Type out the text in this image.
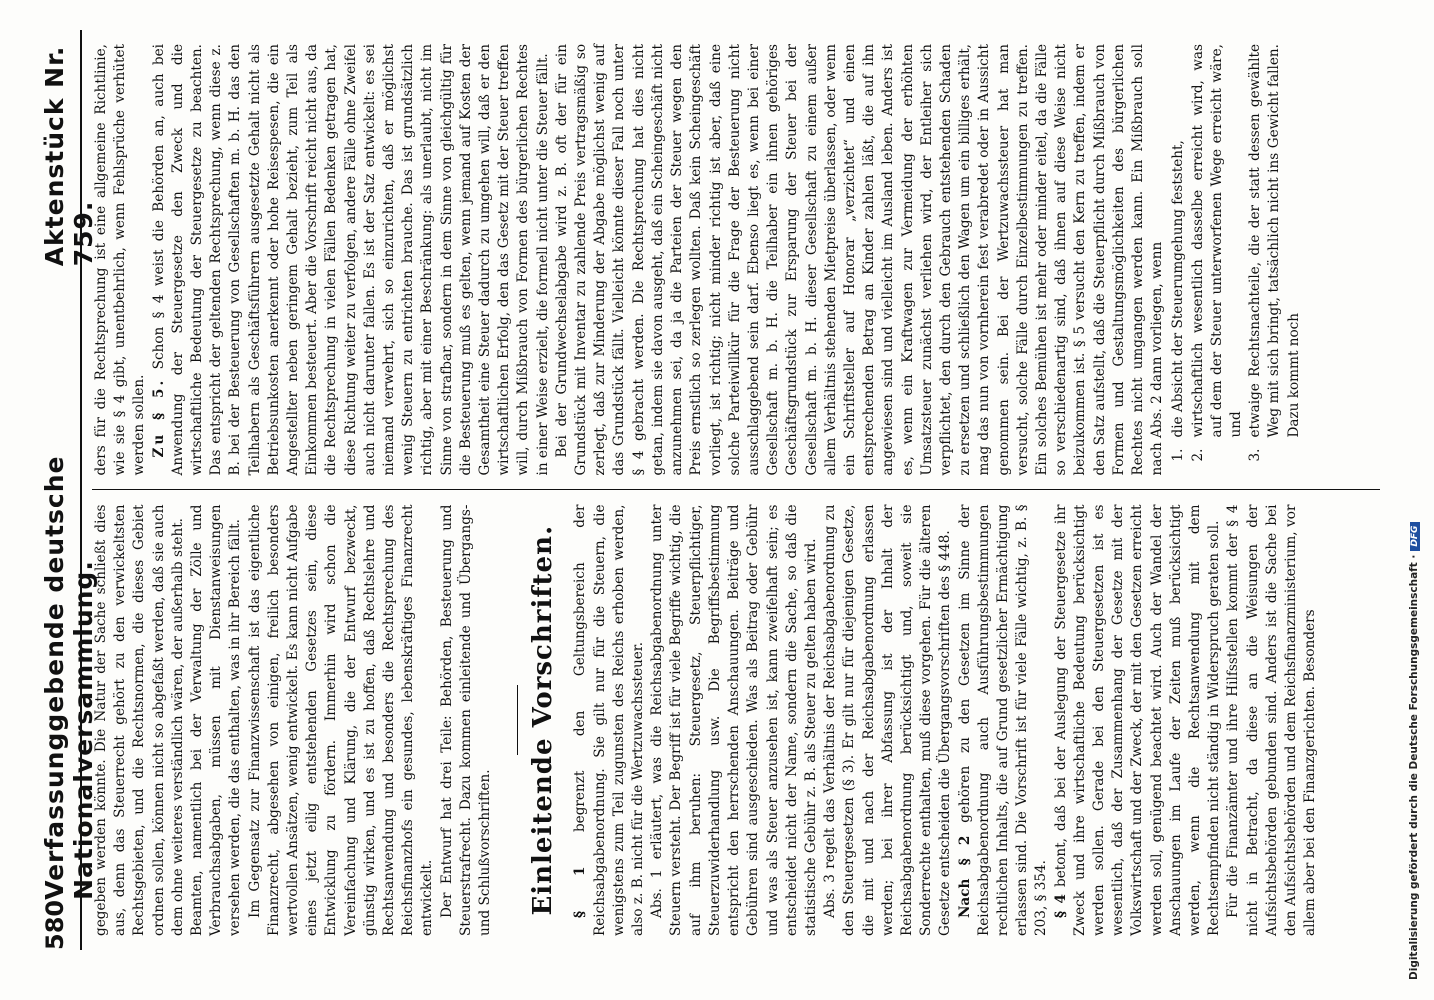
580
Verfassunggebende deutsche Nationalversammlung.
Aktenstück Nr. 759.

gegeben werden könnte. Die Natur der Sache schließt dies aus, denn das Steuerrecht gehört zu den verwickeltsten Rechtsgebieten, und die Rechtsnormen, die dieses Gebiet ordnen sollen, können nicht so abgefaßt werden, daß sie auch dem ohne weiteres verständlich wären, der außerhalb steht. Beamten, namentlich bei der Verwaltung der Zölle und Verbrauchsabgaben, müssen mit Dienstanweisungen versehen werden, die das enthalten, was in ihr Bereich fällt. Im Gegensatz zur Finanzwissenschaft ist das eigentliche Finanzrecht, abgesehen von einigen, freilich besonders wertvollen Ansätzen, wenig entwickelt. Es kann nicht Aufgabe eines jetzt eilig entstehenden Gesetzes sein, diese Entwicklung zu fördern. Immerhin wird schon die Vereinfachung und Klärung, die der Entwurf bezweckt, günstig wirken, und es ist zu hoffen, daß Rechtslehre und Rechtsanwendung und besonders die Rechtsprechung des Reichsfinanzhofs ein gesundes, lebenskräftiges Finanzrecht entwickelt. Der Entwurf hat drei Teile: Behörden, Besteuerung und Steuerstrafrecht. Dazu kommen einleitende und Übergangs- und Schlußvorschriften. Einleitende Vorschriften. § 1 begrenzt den Geltungsbereich der Reichsabgabenordnung. Sie gilt nur für die Steuern, die wenigstens zum Teil zugunsten des Reichs erhoben werden, also z. B. nicht für die Wertzuwachssteuer. Abs. 1 erläutert, was die Reichsabgabenordnung unter Steuern versteht. Der Begriff ist für viele Begriffe wichtig, die auf ihm beruhen: Steuergesetz, Steuerpflichtiger, Steuerzuwiderhandlung usw. Die Begriffsbestimmung entspricht den herrschenden Anschauungen. Beiträge und Gebühren sind ausgeschieden. Was als Beitrag oder Gebühr und was als Steuer anzusehen ist, kann zweifelhaft sein; es entscheidet nicht der Name, sondern die Sache, so daß die statistische Gebühr z. B. als Steuer zu gelten haben wird. Abs. 3 regelt das Verhältnis der Reichsabgabenordnung zu den Steuergesetzen (§ 3). Er gilt nur für diejenigen Gesetze, die mit und nach der Reichsabgabenordnung erlassen werden; bei ihrer Abfassung ist der Inhalt der Reichsabgabenordnung berücksichtigt und, soweit sie Sonderrechte enthalten, muß diese vorgehen. Für die älteren Gesetze entscheiden die Übergangsvorschriften des § 448. Nach § 2 gehören zu den Gesetzen im Sinne der Reichsabgabenordnung auch Ausführungsbestimmungen rechtlichen Inhalts, die auf Grund gesetzlicher Ermächtigung erlassen sind. Die Vorschrift ist für viele Fälle wichtig, z. B. § 203, § 354. § 4 betont, daß bei der Auslegung der Steuergesetze ihr Zweck und ihre wirtschaftliche Bedeutung berücksichtigt werden sollen. Gerade bei den Steuergesetzen ist es wesentlich, daß der Zusammenhang der Gesetze mit der Volkswirtschaft und der Zweck, der mit den Gesetzen erreicht werden soll, genügend beachtet wird. Auch der Wandel der Anschauungen im Laufe der Zeiten muß berücksichtigt werden, wenn die Rechtsanwendung mit dem Rechtsempfinden nicht ständig in Widerspruch geraten soll. Für die Finanzämter und ihre Hilfsstellen kommt der § 4 nicht in Betracht, da diese an die Weisungen der Aufsichtsbehörden gebunden sind. Anders ist die Sache bei den Aufsichtsbehörden und dem Reichsfinanzministerium, vor allem aber bei den Finanzgerichten. Besonders

ders für die Rechtsprechung ist eine allgemeine Richtlinie, wie sie § 4 gibt, unentbehrlich, wenn Fehlsprüche verhütet werden sollen. Zu § 5. Schon § 4 weist die Behörden an, auch bei Anwendung der Steuergesetze den Zweck und die wirtschaftliche Bedeutung der Steuergesetze zu beachten. Das entspricht der geltenden Rechtsprechung, wenn diese z. B. bei der Besteuerung von Gesellschaften m. b. H. das den Teilhabern als Geschäftsführern ausgesetzte Gehalt nicht als Betriebsunkosten anerkennt oder hohe Reisespesen, die ein Angestellter neben geringem Gehalt bezieht, zum Teil als Einkommen besteuert. Aber die Vorschrift reicht nicht aus, da die Rechtsprechung in vielen Fällen Bedenken getragen hat, diese Richtung weiter zu verfolgen, andere Fälle ohne Zweifel auch nicht darunter fallen. Es ist der Satz entwickelt: es sei niemand verwehrt, sich so einzurichten, daß er möglichst wenig Steuern zu entrichten brauche. Das ist grundsätzlich richtig, aber mit einer Beschränkung: als unerlaubt, nicht im Sinne von strafbar, sondern in dem Sinne von gleichgültig für die Besteuerung muß es gelten, wenn jemand auf Kosten der Gesamtheit eine Steuer dadurch zu umgehen will, daß er den wirtschaftlichen Erfolg, den das Gesetz mit der Steuer treffen will, durch Mißbrauch von Formen des bürgerlichen Rechtes in einer Weise erzielt, die formell nicht unter die Steuer fällt. Bei der Grundwechselabgabe wird z. B. oft der für ein Grundstück mit Inventar zu zahlende Preis vertragsmäßig so zerlegt, daß zur Minderung der Abgabe möglichst wenig auf das Grundstück fällt. Vielleicht könnte dieser Fall noch unter § 4 gebracht werden. Die Rechtsprechung hat dies nicht getan, indem sie davon ausgeht, daß ein Scheingeschäft nicht anzunehmen sei, da ja die Parteien der Steuer wegen den Preis ernstlich so zerlegen wollten. Daß kein Scheingeschäft vorliegt, ist richtig; nicht minder richtig ist aber, daß eine solche Parteiwillkür für die Frage der Besteuerung nicht ausschlaggebend sein darf. Ebenso liegt es, wenn bei einer Gesellschaft m. b. H. die Teilhaber ein ihnen gehöriges Geschäftsgrundstück zur Ersparung der Steuer bei der Gesellschaft m. b. H. dieser Gesellschaft zu einem außer allem Verhältnis stehenden Mietpreise überlassen, oder wenn ein Schriftsteller auf Honorar „verzichtet“ und einen entsprechenden Betrag an Kinder zahlen läßt, die auf ihn angewiesen sind und vielleicht im Ausland leben. Anders ist es, wenn ein Kraftwagen zur Vermeidung der erhöhten Umsatzsteuer zunächst verliehen wird, der Entleiher sich verpflichtet, den durch den Gebrauch entstehenden Schaden zu ersetzen und schließlich den Wagen um ein billiges erhält, mag das nun von vornherein fest verabredet oder in Aussicht genommen sein. Bei der Wertzuwachssteuer hat man versucht, solche Fälle durch Einzelbestimmungen zu treffen. Ein solches Bemühen ist mehr oder minder eitel, da die Fälle so verschiedenartig sind, daß ihnen auf diese Weise nicht beizukommen ist. § 5 versucht den Kern zu treffen, indem er den Satz aufstellt, daß die Steuerpflicht durch Mißbrauch von Formen und Gestaltungsmöglichkeiten des bürgerlichen Rechtes nicht umgangen werden kann. Ein Mißbrauch soll nach Abs. 2 dann vorliegen, wenn 1.
die Absicht der Steuerumgehung feststeht,
2.
wirtschaftlich wesentlich dasselbe erreicht wird, was auf dem der Steuer unterworfenen Wege erreicht wäre, und
3.
etwaige Rechtsnachteile, die der statt dessen gewählte Weg mit sich bringt, tatsächlich nicht ins Gewicht fallen. Dazu kommt noch
Digitalisierung gefördert durch die Deutsche Forschungsgemeinschaft ·DFG
